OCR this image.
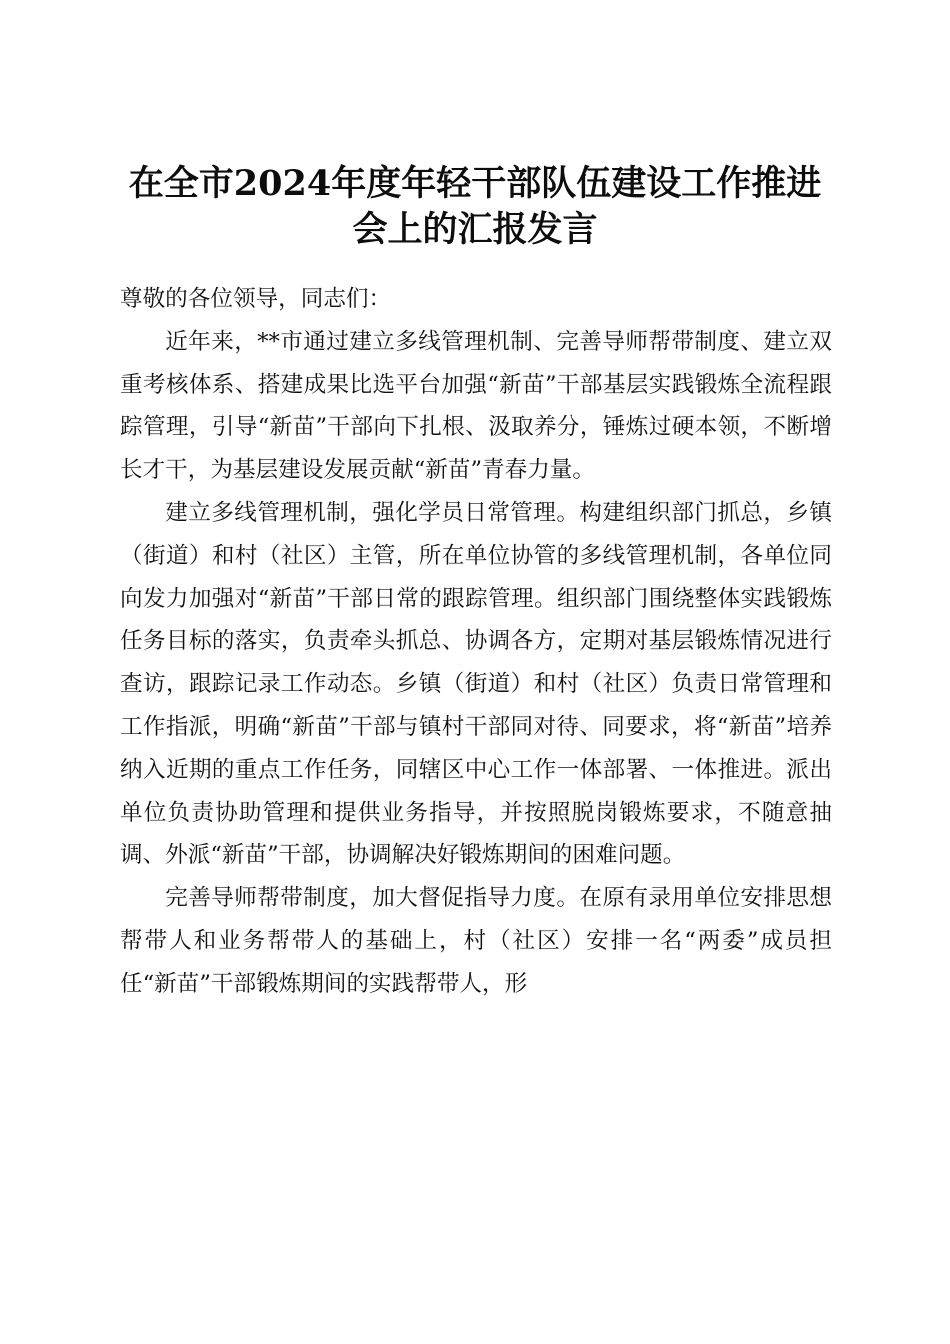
在全市2024年度年轻干部队伍建设工作推进
会上的汇报发言

尊敬的各位领导，同志们：

近年来，**市通过建立多线管理机制、完善导师帮带制度、建立双重考核体系、搭建成果比选平台加强“新苗”干部基层实践锻炼全流程跟踪管理，引导“新苗”干部向下扎根、汲取养分，锤炼过硬本领，不断增长才干，为基层建设发展贡献“新苗”青春力量。

建立多线管理机制，强化学员日常管理。构建组织部门抓总，乡镇（街道）和村（社区）主管，所在单位协管的多线管理机制，各单位同向发力加强对“新苗”干部日常的跟踪管理。组织部门围绕整体实践锻炼任务目标的落实，负责牵头抓总、协调各方，定期对基层锻炼情况进行查访，跟踪记录工作动态。乡镇（街道）和村（社区）负责日常管理和工作指派，明确“新苗”干部与镇村干部同对待、同要求，将“新苗”培养纳入近期的重点工作任务，同辖区中心工作一体部署、一体推进。派出单位负责协助管理和提供业务指导，并按照脱岗锻炼要求，不随意抽调、外派“新苗”干部，协调解决好锻炼期间的困难问题。

完善导师帮带制度，加大督促指导力度。在原有录用单位安排思想帮带人和业务帮带人的基础上，村（社区）安排一名“两委”成员担任“新苗”干部锻炼期间的实践帮带人，形
